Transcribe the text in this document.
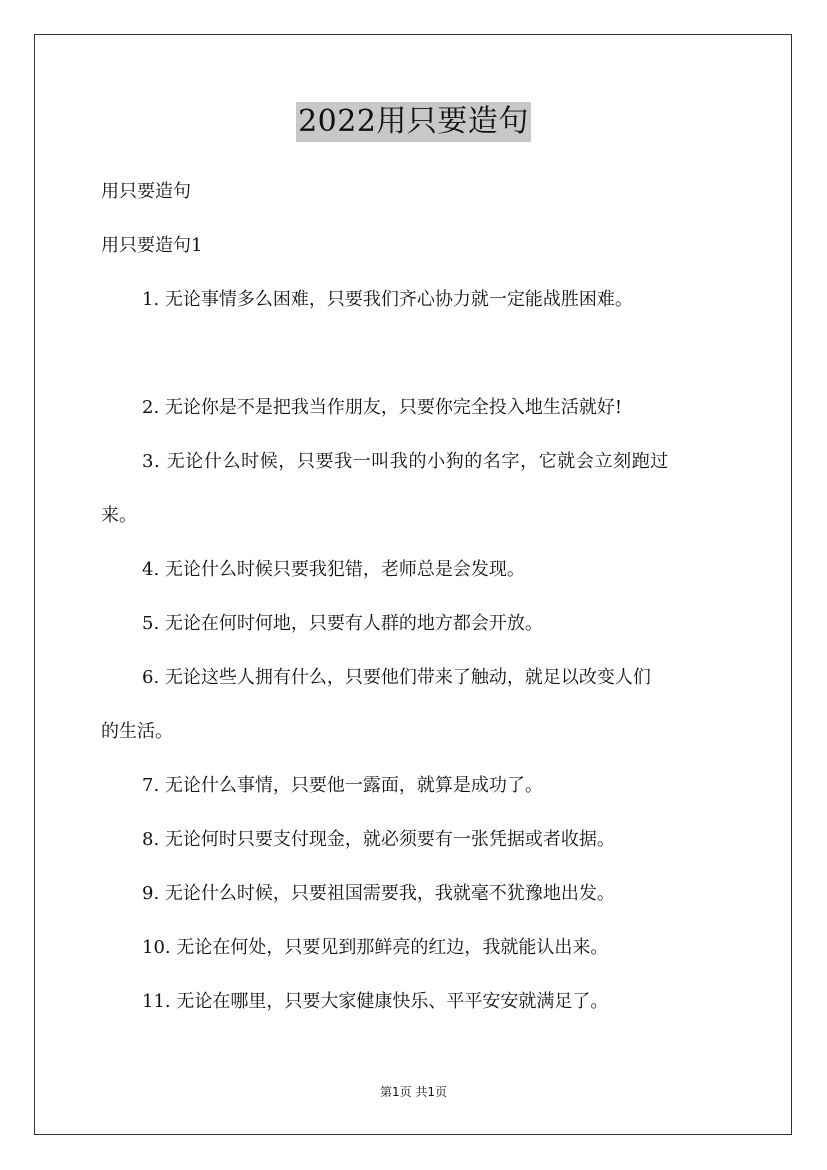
2022用只要造句
用只要造句
用只要造句1
1. 无论事情多么困难，只要我们齐心协力就一定能战胜困难。
2. 无论你是不是把我当作朋友，只要你完全投入地生活就好!
3. 无论什么时候，只要我一叫我的小狗的名字，它就会立刻跑过
来。
4. 无论什么时候只要我犯错，老师总是会发现。
5. 无论在何时何地，只要有人群的地方都会开放。
6. 无论这些人拥有什么，只要他们带来了触动，就足以改变人们
的生活。
7. 无论什么事情，只要他一露面，就算是成功了。
8. 无论何时只要支付现金，就必须要有一张凭据或者收据。
9. 无论什么时候，只要祖国需要我，我就毫不犹豫地出发。
10. 无论在何处，只要见到那鲜亮的红边，我就能认出来。
11. 无论在哪里，只要大家健康快乐、平平安安就满足了。
第1页 共1页
